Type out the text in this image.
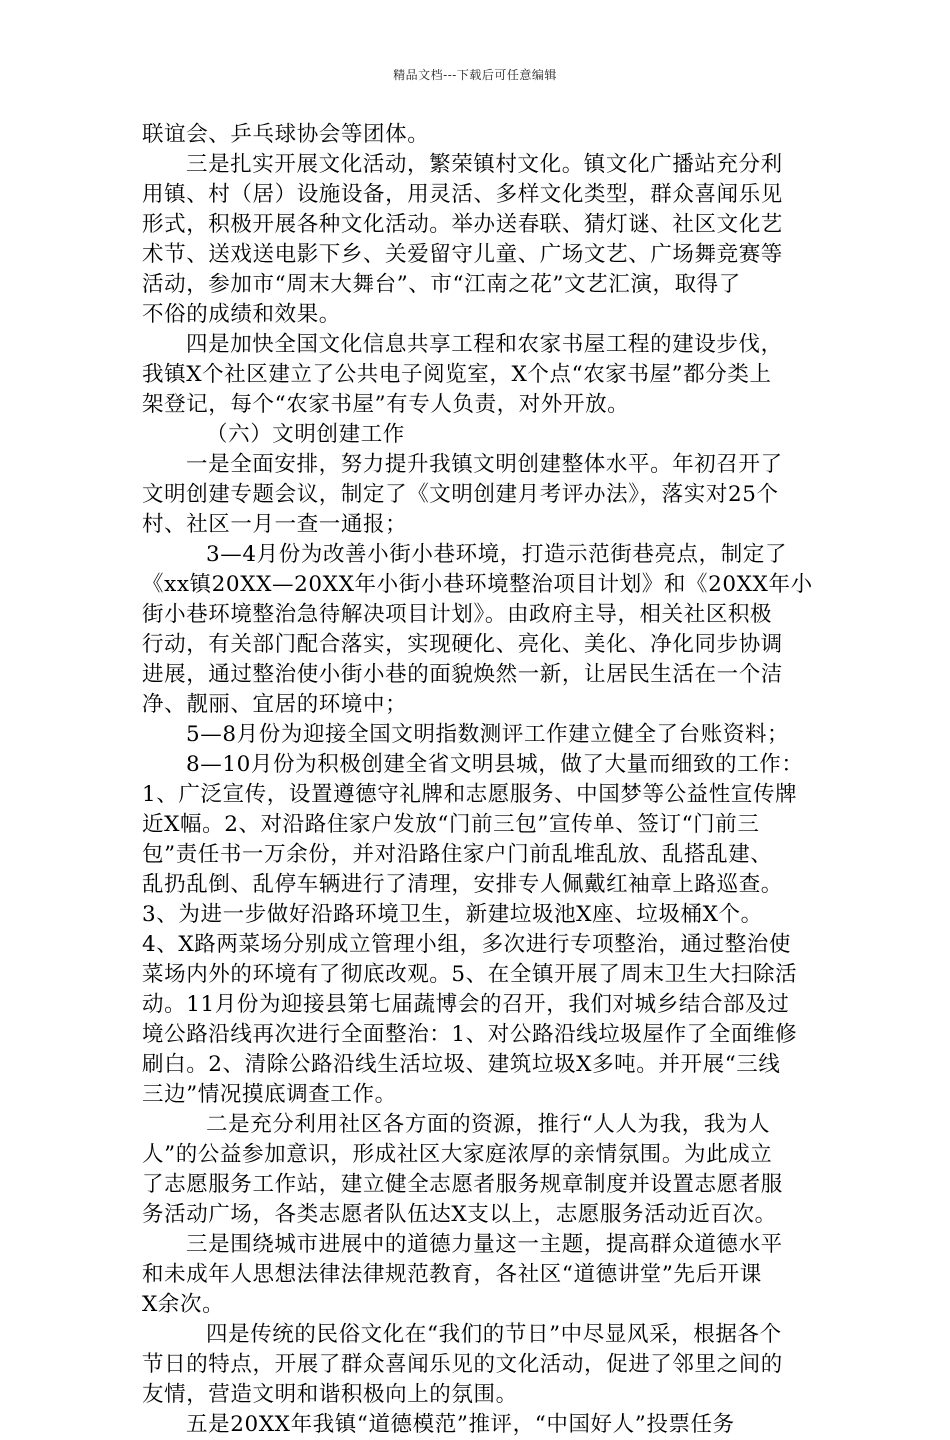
精品文档---下载后可任意编辑
联谊会、乒乓球协会等团体。
三是扎实开展文化活动，繁荣镇村文化。镇文化广播站充分利
用镇、村（居）设施设备，用灵活、多样文化类型，群众喜闻乐见
形式，积极开展各种文化活动。举办送春联、猜灯谜、社区文化艺
术节、送戏送电影下乡、关爱留守儿童、广场文艺、广场舞竞赛等
活动，参加市“周末大舞台”、市“江南之花”文艺汇演，取得了
不俗的成绩和效果。
四是加快全国文化信息共享工程和农家书屋工程的建设步伐，
我镇X个社区建立了公共电子阅览室，X个点“农家书屋”都分类上
架登记，每个“农家书屋”有专人负责，对外开放。
（六）文明创建工作
一是全面安排，努力提升我镇文明创建整体水平。年初召开了
文明创建专题会议，制定了《文明创建月考评办法》，落实对25个
村、社区一月一查一通报；
3—4月份为改善小街小巷环境，打造示范街巷亮点，制定了
《xx镇20XX—20XX年小街小巷环境整治项目计划》和《20XX年小
街小巷环境整治急待解决项目计划》。由政府主导，相关社区积极
行动，有关部门配合落实，实现硬化、亮化、美化、净化同步协调
进展，通过整治使小街小巷的面貌焕然一新，让居民生活在一个洁
净、靓丽、宜居的环境中；
5—8月份为迎接全国文明指数测评工作建立健全了台账资料；
8—10月份为积极创建全省文明县城，做了大量而细致的工作：
1、广泛宣传，设置遵德守礼牌和志愿服务、中国梦等公益性宣传牌
近X幅。2、对沿路住家户发放“门前三包”宣传单、签订“门前三
包”责任书一万余份，并对沿路住家户门前乱堆乱放、乱搭乱建、
乱扔乱倒、乱停车辆进行了清理，安排专人佩戴红袖章上路巡查。
3、为进一步做好沿路环境卫生，新建垃圾池X座、垃圾桶X个。
4、X路两菜场分别成立管理小组，多次进行专项整治，通过整治使
菜场内外的环境有了彻底改观。5、在全镇开展了周末卫生大扫除活
动。11月份为迎接县第七届蔬博会的召开，我们对城乡结合部及过
境公路沿线再次进行全面整治：1、对公路沿线垃圾屋作了全面维修
刷白。2、清除公路沿线生活垃圾、建筑垃圾X多吨。并开展“三线
三边”情况摸底调查工作。
二是充分利用社区各方面的资源，推行“人人为我，我为人
人”的公益参加意识，形成社区大家庭浓厚的亲情氛围。为此成立
了志愿服务工作站，建立健全志愿者服务规章制度并设置志愿者服
务活动广场，各类志愿者队伍达X支以上，志愿服务活动近百次。
三是围绕城市进展中的道德力量这一主题，提高群众道德水平
和未成年人思想法律法律规范教育，各社区“道德讲堂”先后开课
X余次。
四是传统的民俗文化在“我们的节日”中尽显风采，根据各个
节日的特点，开展了群众喜闻乐见的文化活动，促进了邻里之间的
友情，营造文明和谐积极向上的氛围。
五是20XX年我镇“道德模范”推评，“中国好人”投票任务
